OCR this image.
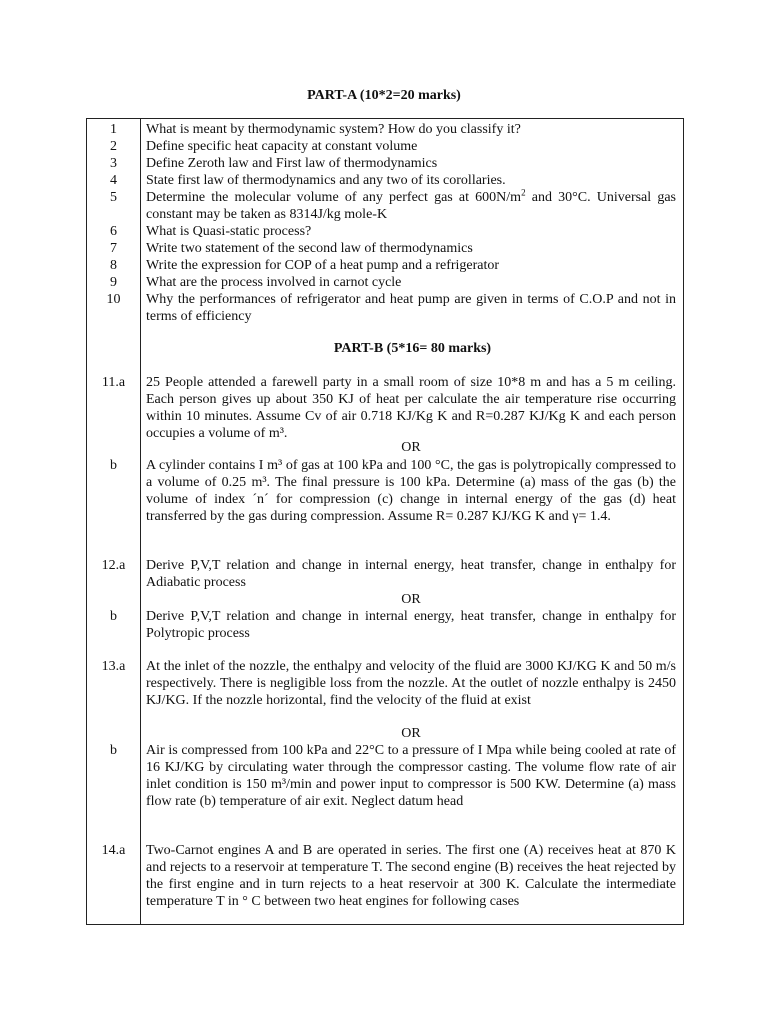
PART-A (10*2=20 marks)
1	What is meant by thermodynamic system? How do you classify it?
2	Define specific heat capacity at constant volume
3	Define Zeroth law and First law of thermodynamics
4	State first law of thermodynamics and any two of its corollaries.
5	Determine the molecular volume of any perfect gas at $600N/m^2$ and 30°C. Universal gas constant may be taken as 8314J/kg mole-K
6	What is Quasi-static process?
7	Write two statement of the second law of thermodynamics
8	Write the expression for COP of a heat pump and a refrigerator
9	What are the process involved in carnot cycle
10	Why the performances of refrigerator and heat pump are given in terms of C.O.P and not in terms of efficiency
PART-B (5*16= 80 marks)
11.a	25 People attended a farewell party in a small room of size 10*8 m and has a 5 m ceiling. Each person gives up about 350 KJ of heat per calculate the air temperature rise occurring within 10 minutes. Assume Cv of air 0.718 KJ/Kg K and R=0.287 KJ/Kg K and each person occupies a volume of m³.
OR
b	A cylinder contains I m³ of gas at 100 kPa and 100 °C, the gas is polytropically compressed to a volume of 0.25 m³. The final pressure is 100 kPa. Determine (a) mass of the gas (b) the volume of index ´n´ for compression (c) change in internal energy of the gas (d) heat transferred by the gas during compression. Assume R= 0.287 KJ/KG K and γ= 1.4.
12.a	Derive P,V,T relation and change in internal energy, heat transfer, change in enthalpy for Adiabatic process
OR
b	Derive P,V,T relation and change in internal energy, heat transfer, change in enthalpy for Polytropic process
13.a	At the inlet of the nozzle, the enthalpy and velocity of the fluid are 3000 KJ/KG K and 50 m/s respectively. There is negligible loss from the nozzle. At the outlet of nozzle enthalpy is 2450 KJ/KG. If the nozzle horizontal, find the velocity of the fluid at exist
OR
b	Air is compressed from 100 kPa and 22°C to a pressure of I Mpa while being cooled at rate of 16 KJ/KG by circulating water through the compressor casting. The volume flow rate of air inlet condition is 150 m³/min and power input to compressor is 500 KW. Determine (a) mass flow rate (b) temperature of air exit. Neglect datum head
14.a	Two-Carnot engines A and B are operated in series. The first one (A) receives heat at 870 K and rejects to a reservoir at temperature T. The second engine (B) receives the heat rejected by the first engine and in turn rejects to a heat reservoir at 300 K. Calculate the intermediate temperature T in ° C between two heat engines for following cases
